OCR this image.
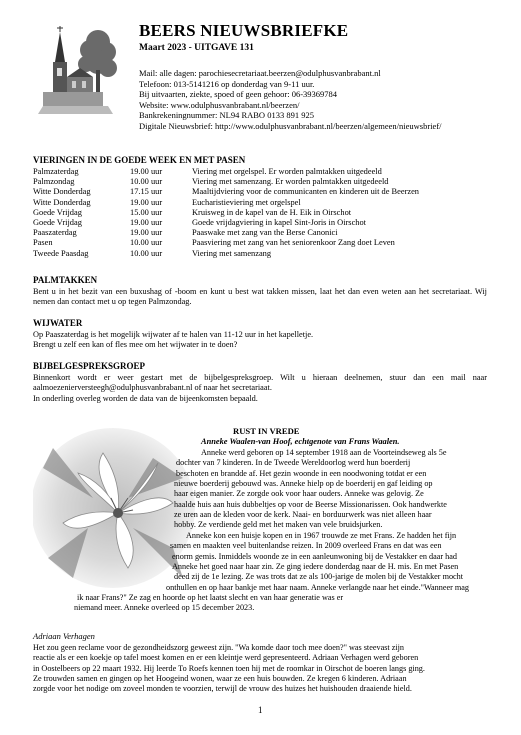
BEERS NIEUWSBRIEFKE
Maart 2023 - UITGAVE 131
Mail: alle dagen: parochiesecretariaat.beerzen@odulphusvanbrabant.nl
Telefoon: 013-5141216 op donderdag van 9-11 uur.
Bij uitvaarten, ziekte, spoed of geen gehoor: 06-39369784
Website: www.odulphusvanbrabant.nl/beerzen/
Bankrekeningnummer: NL94 RABO 0133 891 925
Digitale Nieuwsbrief: http://www.odulphusvanbrabant.nl/beerzen/algemeen/nieuwsbrief/
VIERINGEN IN DE GOEDE WEEK EN MET PASEN
Palmzaterdag	19.00 uur	Viering met orgelspel. Er worden palmtakken uitgedeeld
Palmzondag	10.00 uur	Viering met samenzang. Er worden palmtakken uitgedeeld
Witte Donderdag	17.15 uur	Maaltijdviering voor de communicanten en kinderen uit de Beerzen
Witte Donderdag	19.00 uur	Eucharistieviering met orgelspel
Goede Vrijdag	15.00 uur	Kruisweg in de kapel van de H. Eik in Oirschot
Goede Vrijdag	19.00 uur	Goede vrijdagviering in kapel Sint-Joris in Oirschot
Paaszaterdag	19.00 uur	Paaswake met zang van the Berse Canonici
Pasen	10.00 uur	Paasviering met zang van het seniorenkoor Zang doet Leven
Tweede Paasdag	10.00 uur	Viering met samenzang
PALMTAKKEN
Bent u in het bezit van een buxushag of -boom en kunt u best wat takken missen, laat het dan even weten aan het secretariaat. Wij nemen dan contact met u op tegen Palmzondag.
WIJWATER
Op Paaszaterdag is het mogelijk wijwater af te halen van 11-12 uur in het kapelletje.
Brengt u zelf een kan of fles mee om het wijwater in te doen?
BIJBELGESPREKSGROEP
Binnenkort wordt er weer gestart met de bijbelgespreksgroep. Wilt u hieraan deelnemen, stuur dan een mail naar aalmoezenierversteegh@odulphusvanbrabant.nl of naar het secretariaat.
In onderling overleg worden de data van de bijeenkomsten bepaald.
RUST IN VREDE
Anneke Waalen-van Hoof, echtgenote van Frans Waalen.
Anneke werd geboren op 14 september 1918 aan de Voorteindseweg als 5e
dochter van 7 kinderen. In de Tweede Wereldoorlog werd hun boerderij
beschoten en brandde af. Het gezin woonde in een noodwoning totdat er een
nieuwe boerderij gebouwd was. Anneke hielp op de boerderij en gaf leiding op
haar eigen manier. Ze zorgde ook voor haar ouders. Anneke was gelovig. Ze
haalde huis aan huis dubbeltjes op voor de Beerse Missionarissen. Ook handwerkte
ze uren aan de kleden voor de kerk. Naai- en borduurwerk was niet alleen haar
hobby. Ze verdiende geld met het maken van vele bruidsjurken.
Anneke kon een huisje kopen en in 1967 trouwde ze met Frans. Ze hadden het fijn
samen en maakten veel buitenlandse reizen. In 2009 overleed Frans en dat was een
enorm gemis. Inmiddels woonde ze in een aanleunwoning bij de Vestakker en daar had
Anneke het goed naar haar zin. Ze ging iedere donderdag naar de H. mis. En met Pasen
deed zij de 1e lezing. Ze was trots dat ze als 100-jarige de molen bij de Vestakker mocht
onthullen en op haar bankje met haar naam. Anneke verlangde naar het einde."Wanneer mag
ik naar Frans?" Ze zag en hoorde op het laatst slecht en van haar generatie was er
niemand meer. Anneke overleed op 15 december 2023.
Adriaan Verhagen
Het zou geen reclame voor de gezondheidszorg geweest zijn. "Wa komde daor toch mee doen?" was steevast zijn
reactie als er een koekje op tafel moest komen en er een kleintje werd gepresenteerd. Adriaan Verhagen werd geboren
in Oostelbeers op 22 maart 1932. Hij leerde To Roefs kennen toen hij met de roomkar in Oirschot de boeren langs ging.
Ze trouwden samen en gingen op het Hoogeind wonen, waar ze een huis bouwden. Ze kregen 6 kinderen. Adriaan
zorgde voor het nodige om zoveel monden te voorzien, terwijl de vrouw des huizes het huishouden draaiende hield.
1
